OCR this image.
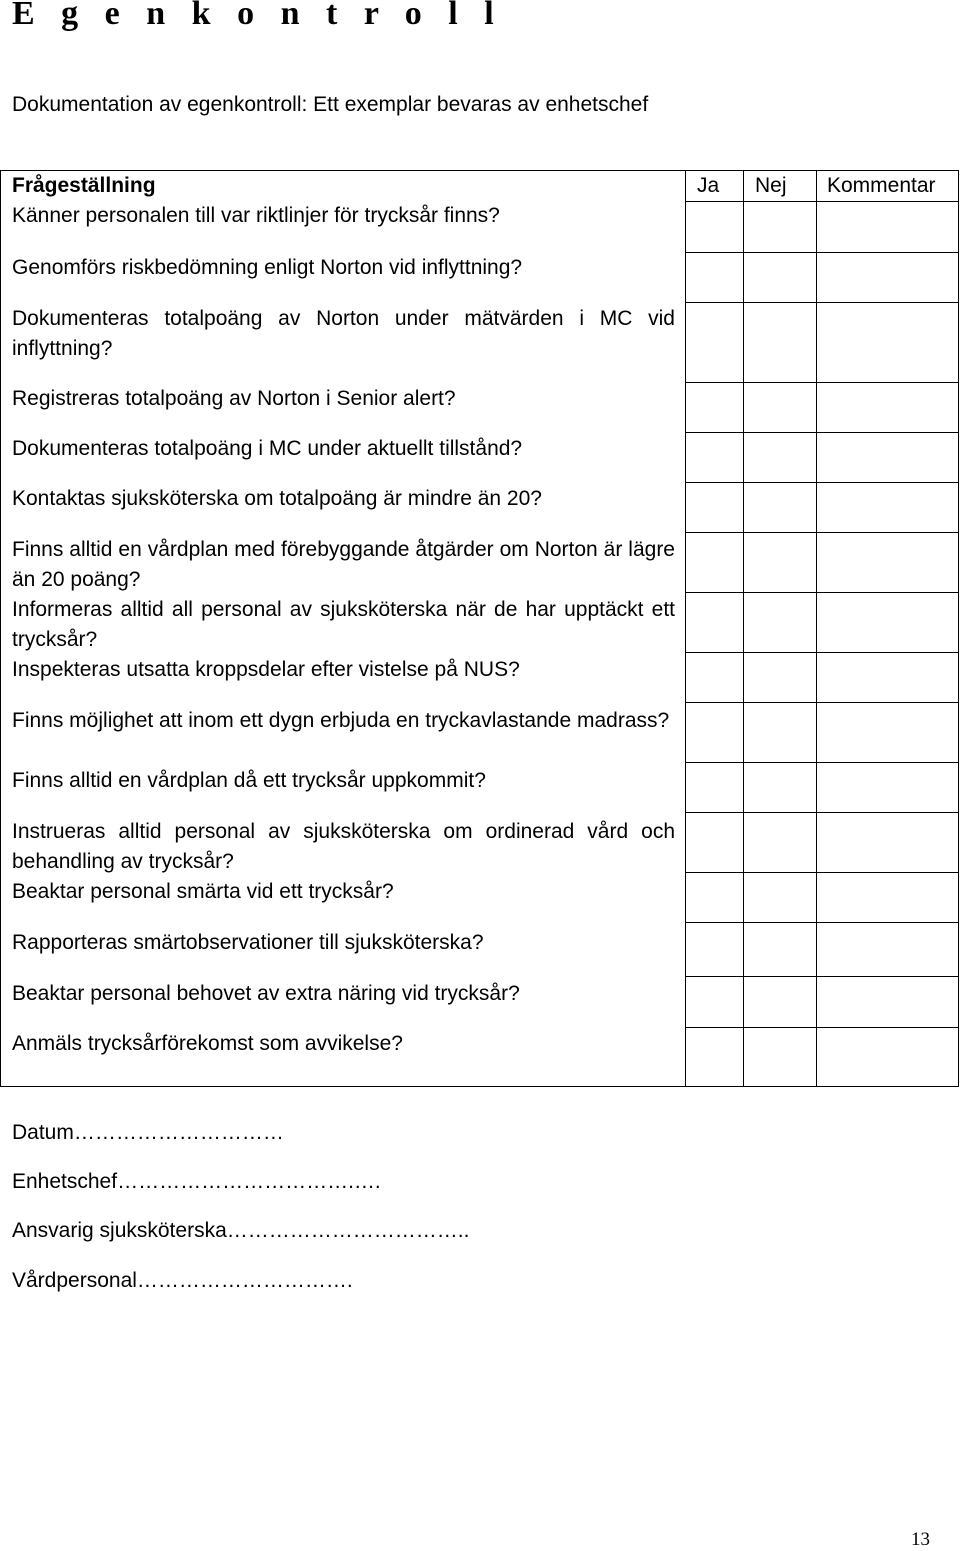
E g e n k o n t r o l l
Dokumentation av egenkontroll: Ett exemplar bevaras av enhetschef
Frågeställning	Ja Nej Kommentar
Känner personalen till var riktlinjer för trycksår finns?
Genomförs riskbedömning enligt Norton vid inflyttning?
Dokumenteras totalpoäng av Norton under mätvärden i MC vid inflyttning?
Registreras totalpoäng av Norton i Senior alert?
Dokumenteras totalpoäng i MC under aktuellt tillstånd?
Kontaktas sjuksköterska om totalpoäng är mindre än 20?
Finns alltid en vårdplan med förebyggande åtgärder om Norton är lägre än 20 poäng?
Informeras alltid all personal av sjuksköterska när de har upptäckt ett trycksår?
Inspekteras utsatta kroppsdelar efter vistelse på NUS?
Finns möjlighet att inom ett dygn erbjuda en tryckavlastande madrass?
Finns alltid en vårdplan då ett trycksår uppkommit?
Instrueras alltid personal av sjuksköterska om ordinerad vård och behandling av trycksår?
Beaktar personal smärta vid ett trycksår?
Rapporteras smärtobservationer till sjuksköterska?
Beaktar personal behovet av extra näring vid trycksår?
Anmäls trycksårförekomst som avvikelse?
Datum…………………………
Enhetschef…………………………….….
Ansvarig sjuksköterska……………………………..
Vårdpersonal………………………….
13
